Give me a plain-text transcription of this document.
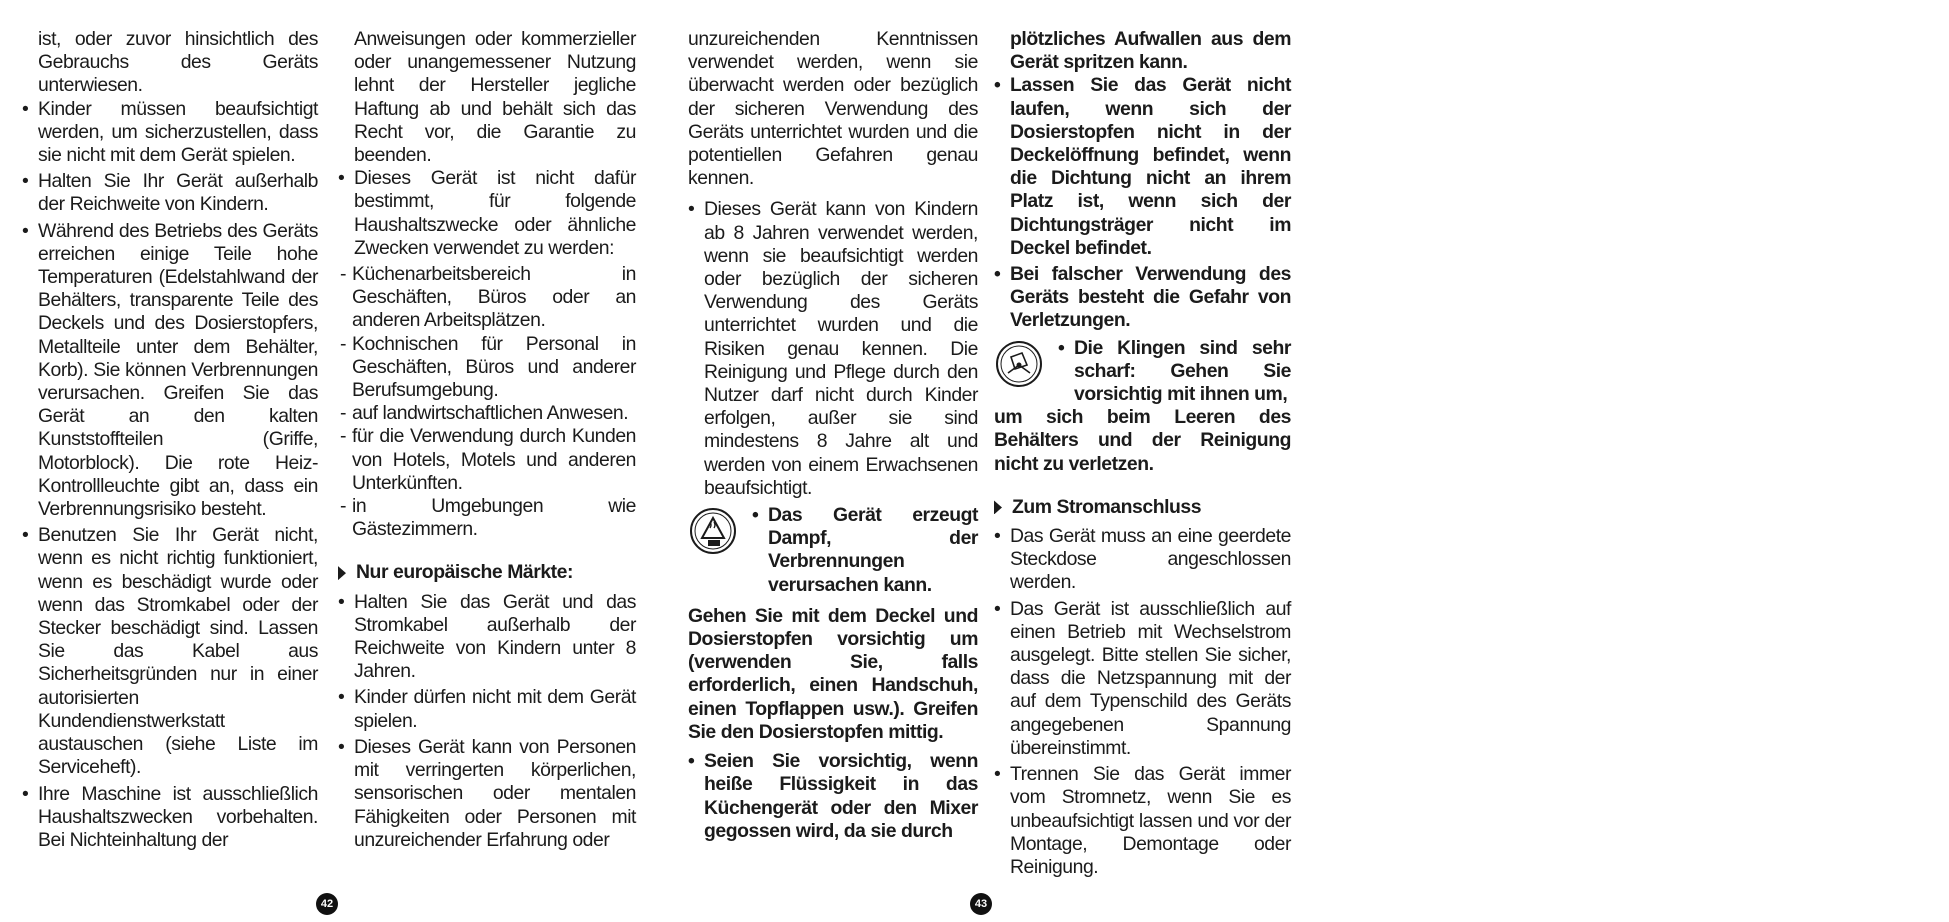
ist, oder zuvor hinsichtlich des Gebrauchs des Geräts unterwiesen.

• Kinder müssen beaufsichtigt werden, um sicherzustellen, dass sie nicht mit dem Gerät spielen.

• Halten Sie Ihr Gerät außerhalb der Reichweite von Kindern.

• Während des Betriebs des Geräts erreichen einige Teile hohe Temperaturen (Edelstahlwand der Behälters, transparente Teile des Deckels und des Dosierstopfers, Metallteile unter dem Behälter, Korb). Sie können Verbrennungen verursachen. Greifen Sie das Gerät an den kalten Kunststoffteilen (Griffe, Motorblock). Die rote Heiz-Kontrollleuchte gibt an, dass ein Verbrennungsrisiko besteht.

• Benutzen Sie Ihr Gerät nicht, wenn es nicht richtig funktioniert, wenn es beschädigt wurde oder wenn das Stromkabel oder der Stecker beschädigt sind. Lassen Sie das Kabel aus Sicherheitsgründen nur in einer autorisierten Kundendienstwerkstatt austauschen (siehe Liste im Serviceheft).

• Ihre Maschine ist ausschließlich Haushaltszwecken vorbehalten. Bei Nichteinhaltung der

Anweisungen oder kommerzieller oder unangemessener Nutzung lehnt der Hersteller jegliche Haftung ab und behält sich das Recht vor, die Garantie zu beenden.

• Dieses Gerät ist nicht dafür bestimmt, für folgende Haushaltszwecke oder ähnliche Zwecken verwendet zu werden:

- Küchenarbeitsbereich in Geschäften, Büros oder an anderen Arbeitsplätzen.

- Kochnischen für Personal in Geschäften, Büros und anderer Berufsumgebung.

- auf landwirtschaftlichen Anwesen.

- für die Verwendung durch Kunden von Hotels, Motels und anderen Unterkünften.

- in Umgebungen wie Gästezimmern.

Nur europäische Märkte:

• Halten Sie das Gerät und das Stromkabel außerhalb der Reichweite von Kindern unter 8 Jahren.

• Kinder dürfen nicht mit dem Gerät spielen.

• Dieses Gerät kann von Personen mit verringerten körperlichen, sensorischen oder mentalen Fähigkeiten oder Personen mit unzureichender Erfahrung oder

unzureichenden Kenntnissen verwendet werden, wenn sie überwacht werden oder bezüglich der sicheren Verwendung des Geräts unterrichtet wurden und die potentiellen Gefahren genau kennen.

• Dieses Gerät kann von Kindern ab 8 Jahren verwendet werden, wenn sie beaufsichtigt werden oder bezüglich der sicheren Verwendung des Geräts unterrichtet wurden und die Risiken genau kennen. Die Reinigung und Pflege durch den Nutzer darf nicht durch Kinder erfolgen, außer sie sind mindestens 8 Jahre alt und werden von einem Erwachsenen beaufsichtigt.

• Das Gerät erzeugt Dampf, der Verbrennungen verursachen kann.

Gehen Sie mit dem Deckel und Dosierstopfen vorsichtig um (verwenden Sie, falls erforderlich, einen Handschuh, einen Topflappen usw.). Greifen Sie den Dosierstopfen mittig.

• Seien Sie vorsichtig, wenn heiße Flüssigkeit in das Küchengerät oder den Mixer gegossen wird, da sie durch

plötzliches Aufwallen aus dem Gerät spritzen kann.

• Lassen Sie das Gerät nicht laufen, wenn sich der Dosierstopfen nicht in der Deckelöffnung befindet, wenn die Dichtung nicht an ihrem Platz ist, wenn sich der Dichtungsträger nicht im Deckel befindet.

• Bei falscher Verwendung des Geräts besteht die Gefahr von Verletzungen.

• Die Klingen sind sehr scharf: Gehen Sie vorsichtig mit ihnen um,

um sich beim Leeren des Behälters und der Reinigung nicht zu verletzen.

Zum Stromanschluss

• Das Gerät muss an eine geerdete Steckdose angeschlossen werden.

• Das Gerät ist ausschließlich auf einen Betrieb mit Wechselstrom ausgelegt. Bitte stellen Sie sicher, dass die Netzspannung mit der auf dem Typenschild des Geräts angegebenen Spannung übereinstimmt.

• Trennen Sie das Gerät immer vom Stromnetz, wenn Sie es unbeaufsichtigt lassen und vor der Montage, Demontage oder Reinigung.

42	43
